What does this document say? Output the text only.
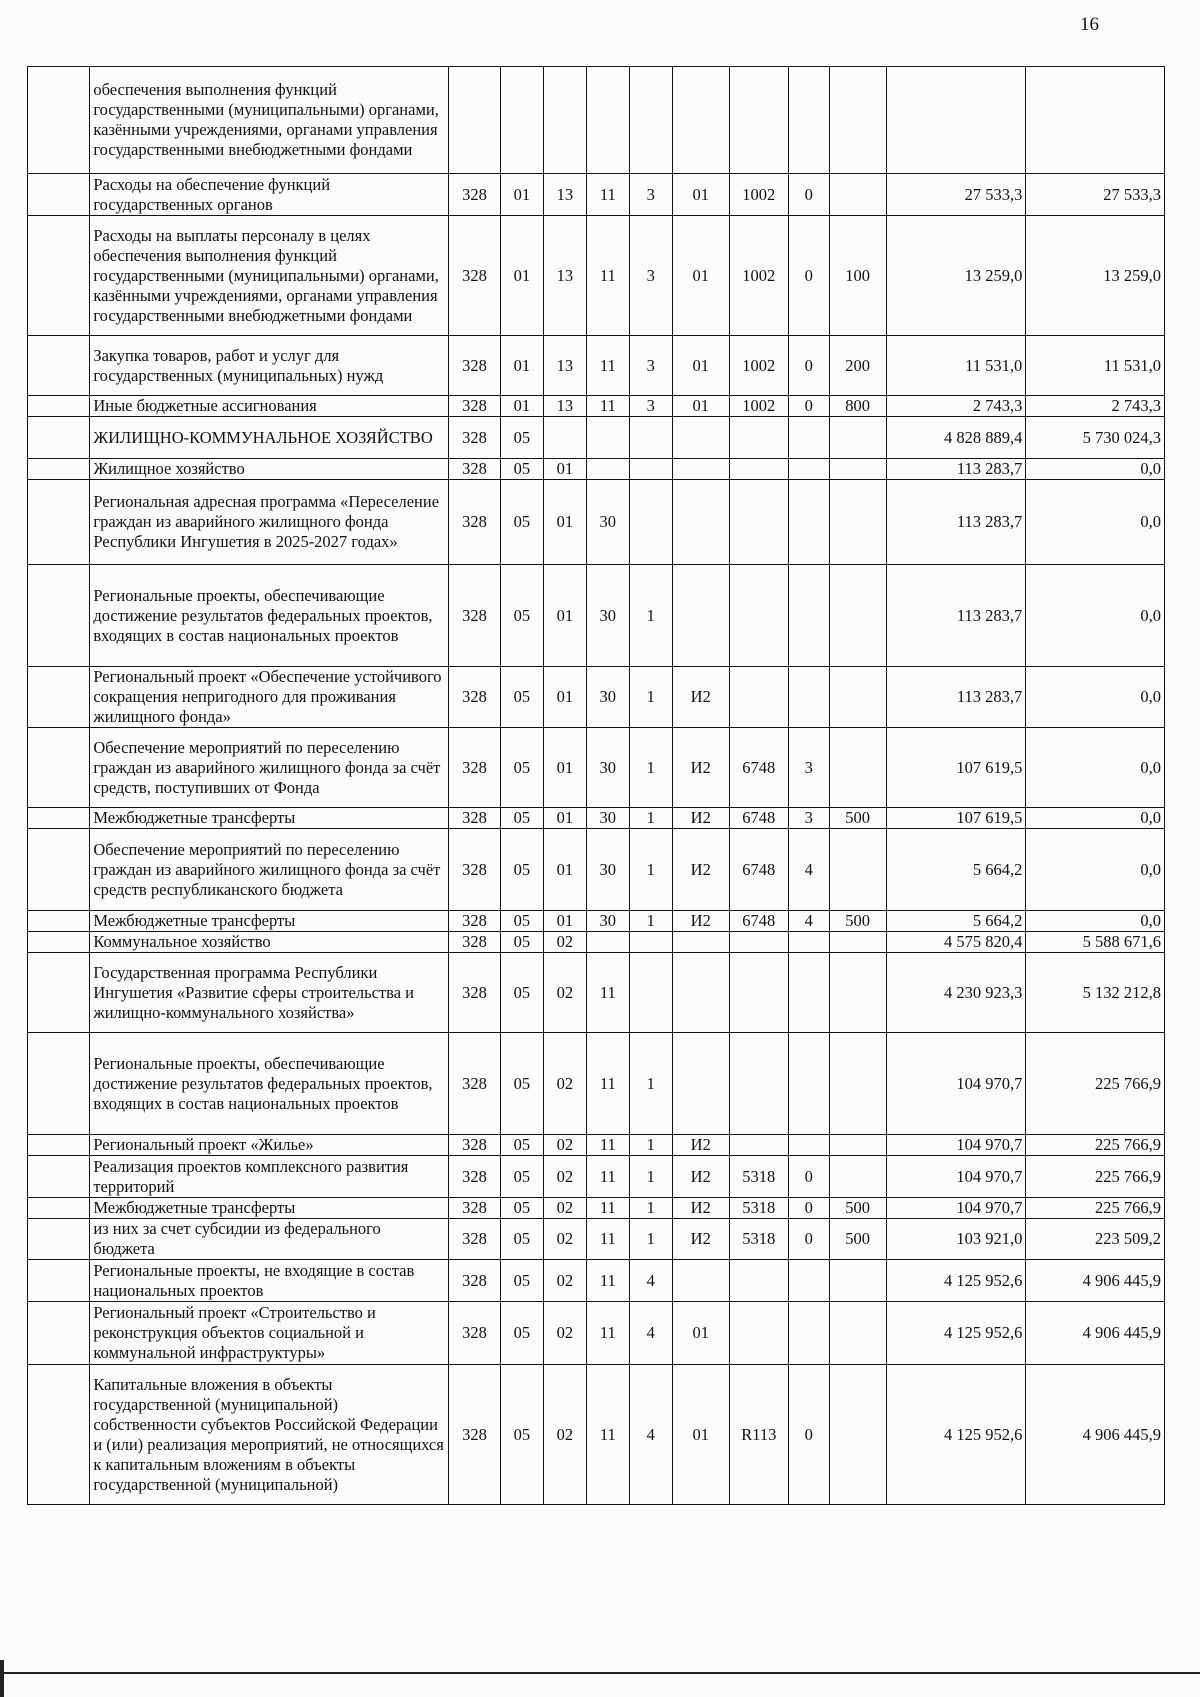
16
	обеспечения выполнения функций государственными (муниципальными) органами, казёнными учреждениями, органами управления государственными внебюджетными фондами											
	Расходы на обеспечение функций государственных органов	328	01	13	11	3	01	1002	0		27 533,3	27 533,3
	Расходы на выплаты персоналу в целях обеспечения выполнения функций государственными (муниципальными) органами, казёнными учреждениями, органами управления государственными внебюджетными фондами	328	01	13	11	3	01	1002	0	100	13 259,0	13 259,0
	Закупка товаров, работ и услуг для государственных (муниципальных) нужд	328	01	13	11	3	01	1002	0	200	11 531,0	11 531,0
	Иные бюджетные ассигнования	328	01	13	11	3	01	1002	0	800	2 743,3	2 743,3
	ЖИЛИЩНО-КОММУНАЛЬНОЕ ХОЗЯЙСТВО	328	05								4 828 889,4	5 730 024,3
	Жилищное хозяйство	328	05	01							113 283,7	0,0
	Региональная адресная программа «Переселение граждан из аварийного жилищного фонда Республики Ингушетия в 2025-2027 годах»	328	05	01	30						113 283,7	0,0
	Региональные проекты, обеспечивающие достижение результатов федеральных проектов, входящих в состав национальных проектов	328	05	01	30	1					113 283,7	0,0
	Региональный проект «Обеспечение устойчивого сокращения непригодного для проживания жилищного фонда»	328	05	01	30	1	И2				113 283,7	0,0
	Обеспечение мероприятий по переселению граждан из аварийного жилищного фонда за счёт средств, поступивших от Фонда	328	05	01	30	1	И2	6748	3		107 619,5	0,0
	Межбюджетные трансферты	328	05	01	30	1	И2	6748	3	500	107 619,5	0,0
	Обеспечение мероприятий по переселению граждан из аварийного жилищного фонда за счёт средств республиканского бюджета	328	05	01	30	1	И2	6748	4		5 664,2	0,0
	Межбюджетные трансферты	328	05	01	30	1	И2	6748	4	500	5 664,2	0,0
	Коммунальное хозяйство	328	05	02							4 575 820,4	5 588 671,6
	Государственная программа Республики Ингушетия «Развитие сферы строительства и жилищно-коммунального хозяйства»	328	05	02	11						4 230 923,3	5 132 212,8
	Региональные проекты, обеспечивающие достижение результатов федеральных проектов, входящих в состав национальных проектов	328	05	02	11	1					104 970,7	225 766,9
	Региональный проект «Жилье»	328	05	02	11	1	И2				104 970,7	225 766,9
	Реализация проектов комплексного развития территорий	328	05	02	11	1	И2	5318	0		104 970,7	225 766,9
	Межбюджетные трансферты	328	05	02	11	1	И2	5318	0	500	104 970,7	225 766,9
	из них за счет субсидии из федерального бюджета	328	05	02	11	1	И2	5318	0	500	103 921,0	223 509,2
	Региональные проекты, не входящие в состав национальных проектов	328	05	02	11	4					4 125 952,6	4 906 445,9
	Региональный проект «Строительство и реконструкция объектов социальной и коммунальной инфраструктуры»	328	05	02	11	4	01				4 125 952,6	4 906 445,9
	Капитальные вложения в объекты государственной (муниципальной) собственности субъектов Российской Федерации и (или) реализация мероприятий, не относящихся к капитальным вложениям в объекты государственной (муниципальной)	328	05	02	11	4	01	R113	0		4 125 952,6	4 906 445,9
